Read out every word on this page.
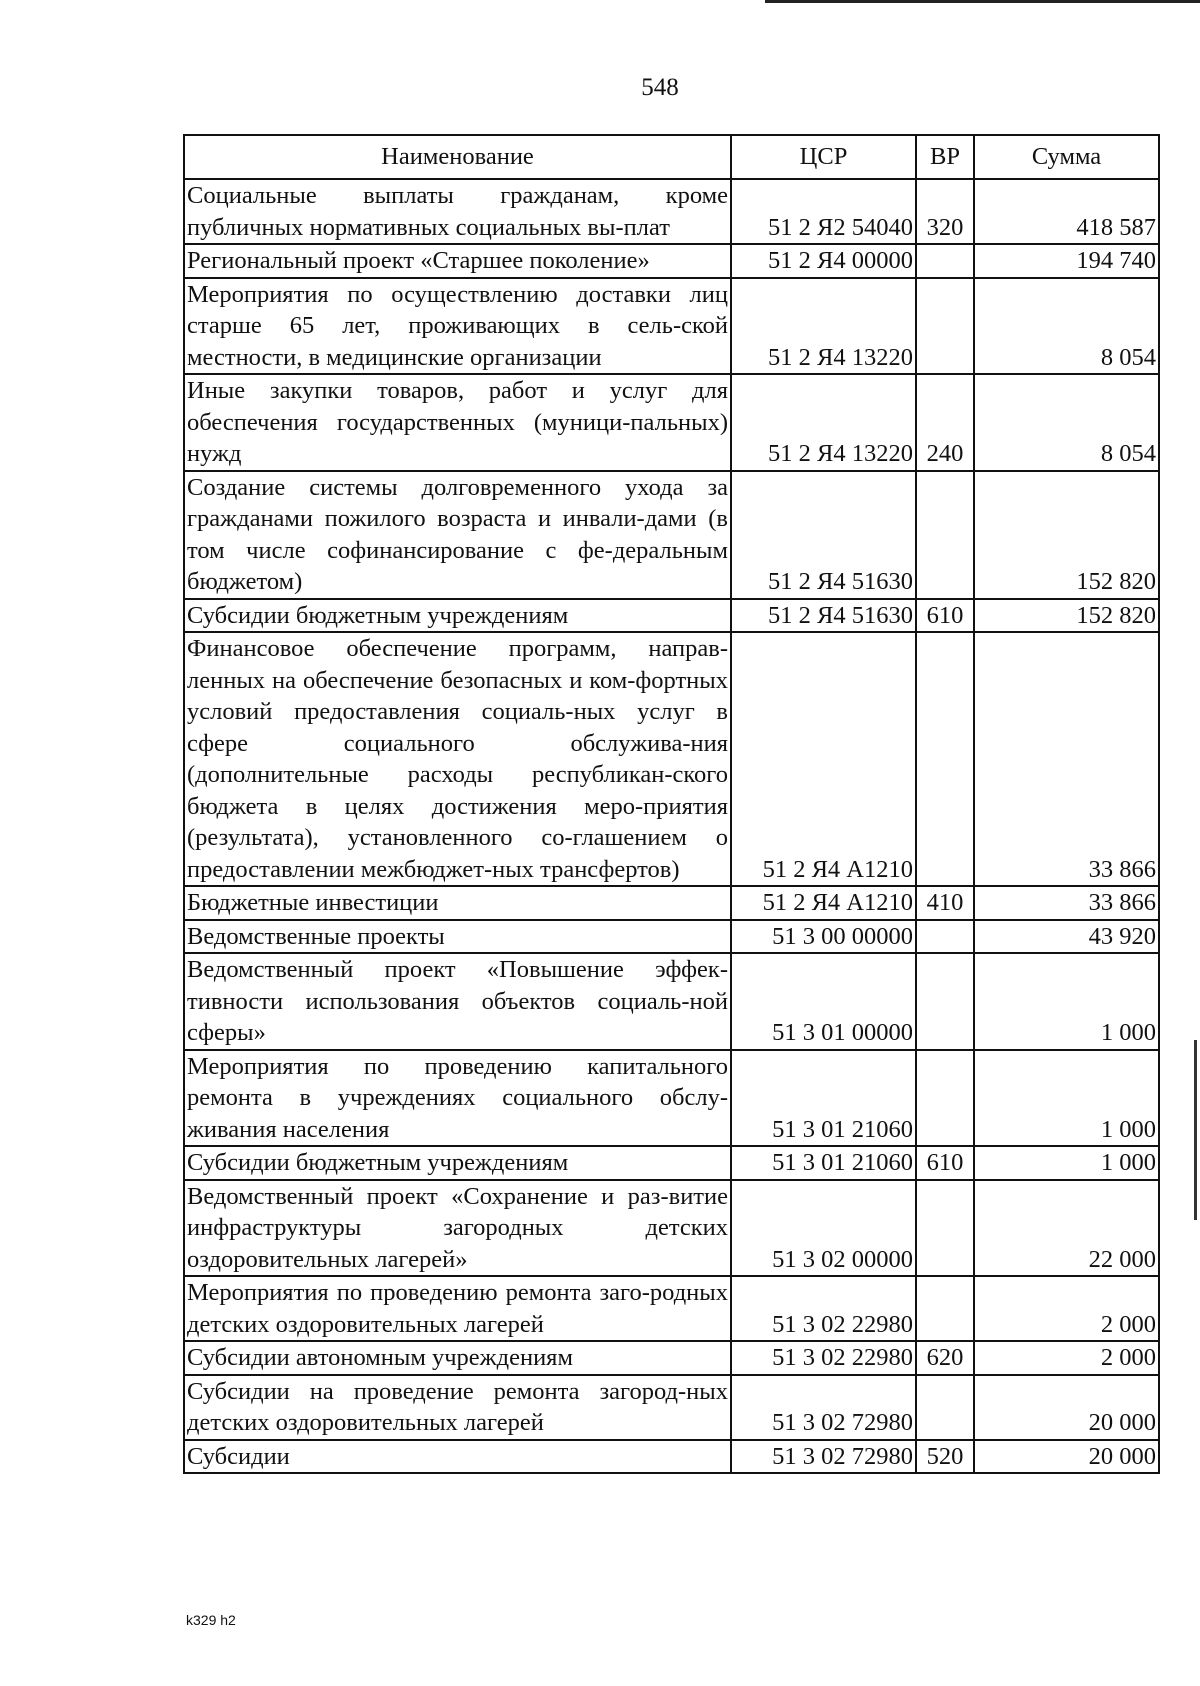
548
Наименование	ЦСР	ВР	Сумма
Социальные выплаты гражданам, кроме публичных нормативных социальных вы-плат	51 2 Я2 54040	320	418 587
Региональный проект «Старшее поколение»	51 2 Я4 00000		194 740
Мероприятия по осуществлению доставки лиц старше 65 лет, проживающих в сель-ской местности, в медицинские организации	51 2 Я4 13220		8 054
Иные закупки товаров, работ и услуг для обеспечения государственных (муници-пальных) нужд	51 2 Я4 13220	240	8 054
Создание системы долговременного ухода за гражданами пожилого возраста и инвали-дами (в том числе софинансирование с фе-деральным бюджетом)	51 2 Я4 51630		152 820
Субсидии бюджетным учреждениям	51 2 Я4 51630	610	152 820
Финансовое обеспечение программ, направ-ленных на обеспечение безопасных и ком-фортных условий предоставления социаль-ных услуг в сфере социального обслужива-ния (дополнительные расходы республикан-ского бюджета в целях достижения меро-приятия (результата), установленного со-глашением о предоставлении межбюджет-ных трансфертов)	51 2 Я4 А1210		33 866
Бюджетные инвестиции	51 2 Я4 А1210	410	33 866
Ведомственные проекты	51 3 00 00000		43 920
Ведомственный проект «Повышение эффек-тивности использования объектов социаль-ной сферы»	51 3 01 00000		1 000
Мероприятия по проведению капитального ремонта в учреждениях социального обслу-живания населения	51 3 01 21060		1 000
Субсидии бюджетным учреждениям	51 3 01 21060	610	1 000
Ведомственный проект «Сохранение и раз-витие инфраструктуры загородных детских оздоровительных лагерей»	51 3 02 00000		22 000
Мероприятия по проведению ремонта заго-родных детских оздоровительных лагерей	51 3 02 22980		2 000
Субсидии автономным учреждениям	51 3 02 22980	620	2 000
Субсидии на проведение ремонта загород-ных детских оздоровительных лагерей	51 3 02 72980		20 000
Субсидии	51 3 02 72980	520	20 000
k329 h2
